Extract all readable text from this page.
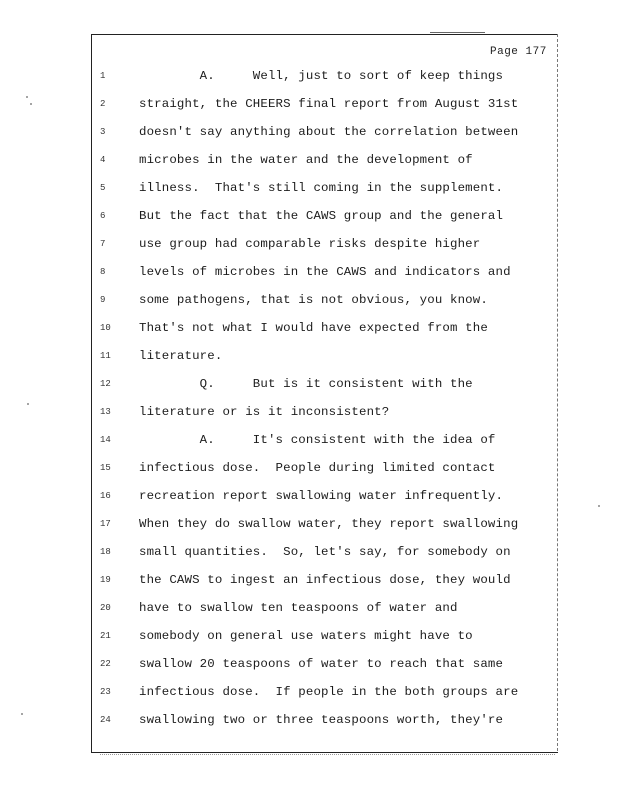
Page 177
1	A.     Well, just to sort of keep things
2	straight, the CHEERS final report from August 31st
3	doesn't say anything about the correlation between
4	microbes in the water and the development of
5	illness.  That's still coming in the supplement.
6	But the fact that the CAWS group and the general
7	use group had comparable risks despite higher
8	levels of microbes in the CAWS and indicators and
9	some pathogens, that is not obvious, you know.
10	That's not what I would have expected from the
11	literature.
12	Q.     But is it consistent with the
13	literature or is it inconsistent?
14	A.     It's consistent with the idea of
15	infectious dose.  People during limited contact
16	recreation report swallowing water infrequently.
17	When they do swallow water, they report swallowing
18	small quantities.  So, let's say, for somebody on
19	the CAWS to ingest an infectious dose, they would
20	have to swallow ten teaspoons of water and
21	somebody on general use waters might have to
22	swallow 20 teaspoons of water to reach that same
23	infectious dose.  If people in the both groups are
24	swallowing two or three teaspoons worth, they're
